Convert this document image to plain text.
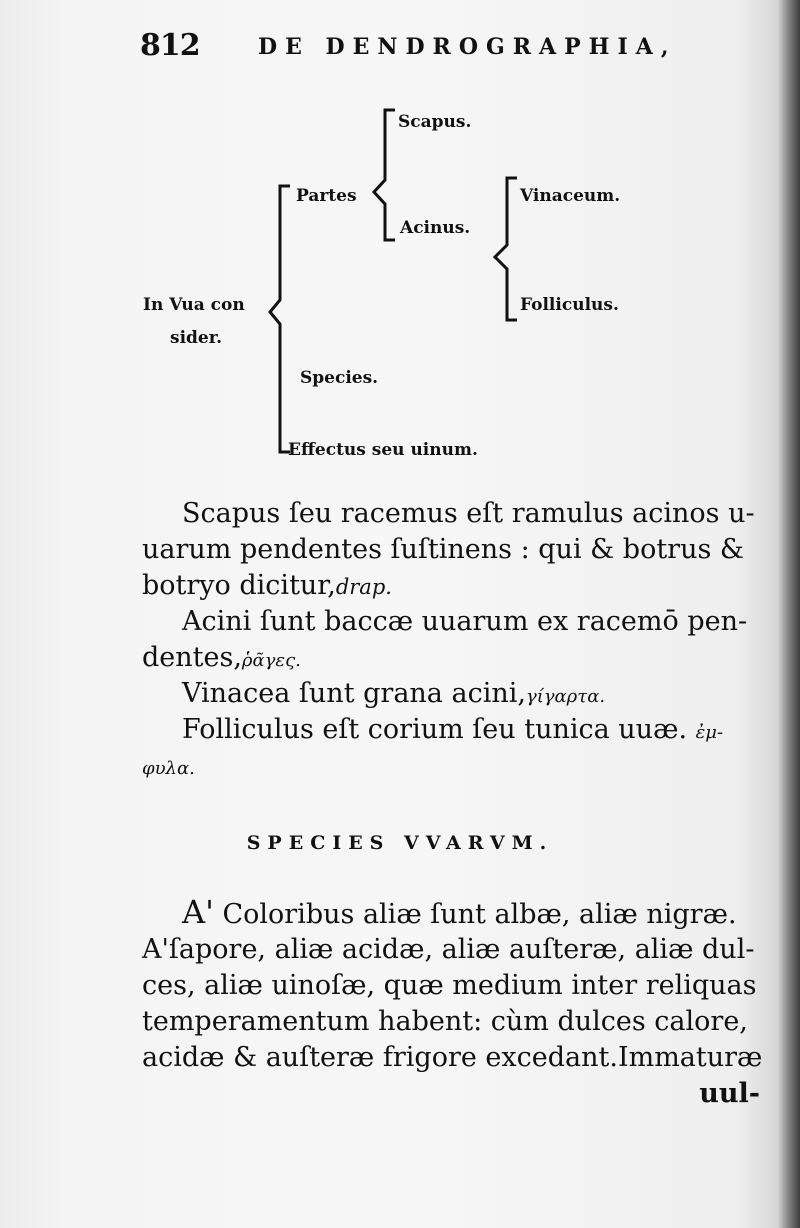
812	DE DENDROGRAPHIA,
Scapus.
Partes
Acinus.
Vinaceum.
Folliculus.
In Vua con
sider.
Species.
Effectus seu uinum.
Scapus ſeu racemus eſt ramulus acinos u-
uarum pendentes ſuſtinens : qui & botrus &
botryo dicitur,drap.
Acini ſunt baccæ uuarum ex racemō pen-
dentes,ῥᾶγες.
Vinacea ſunt grana acini,γίγαρτα.
Folliculus eſt corium ſeu tunica uuæ. ἐμ-
φυλα.
SPECIES VVARVM.
A' Coloribus aliæ ſunt albæ, aliæ nigræ.
A'ſapore, aliæ acidæ, aliæ auſteræ, aliæ dul-
ces, aliæ uinoſæ, quæ medium inter reliquas
temperamentum habent: cùm dulces calore,
acidæ & auſteræ frigore excedant.Immaturæ
uul-
